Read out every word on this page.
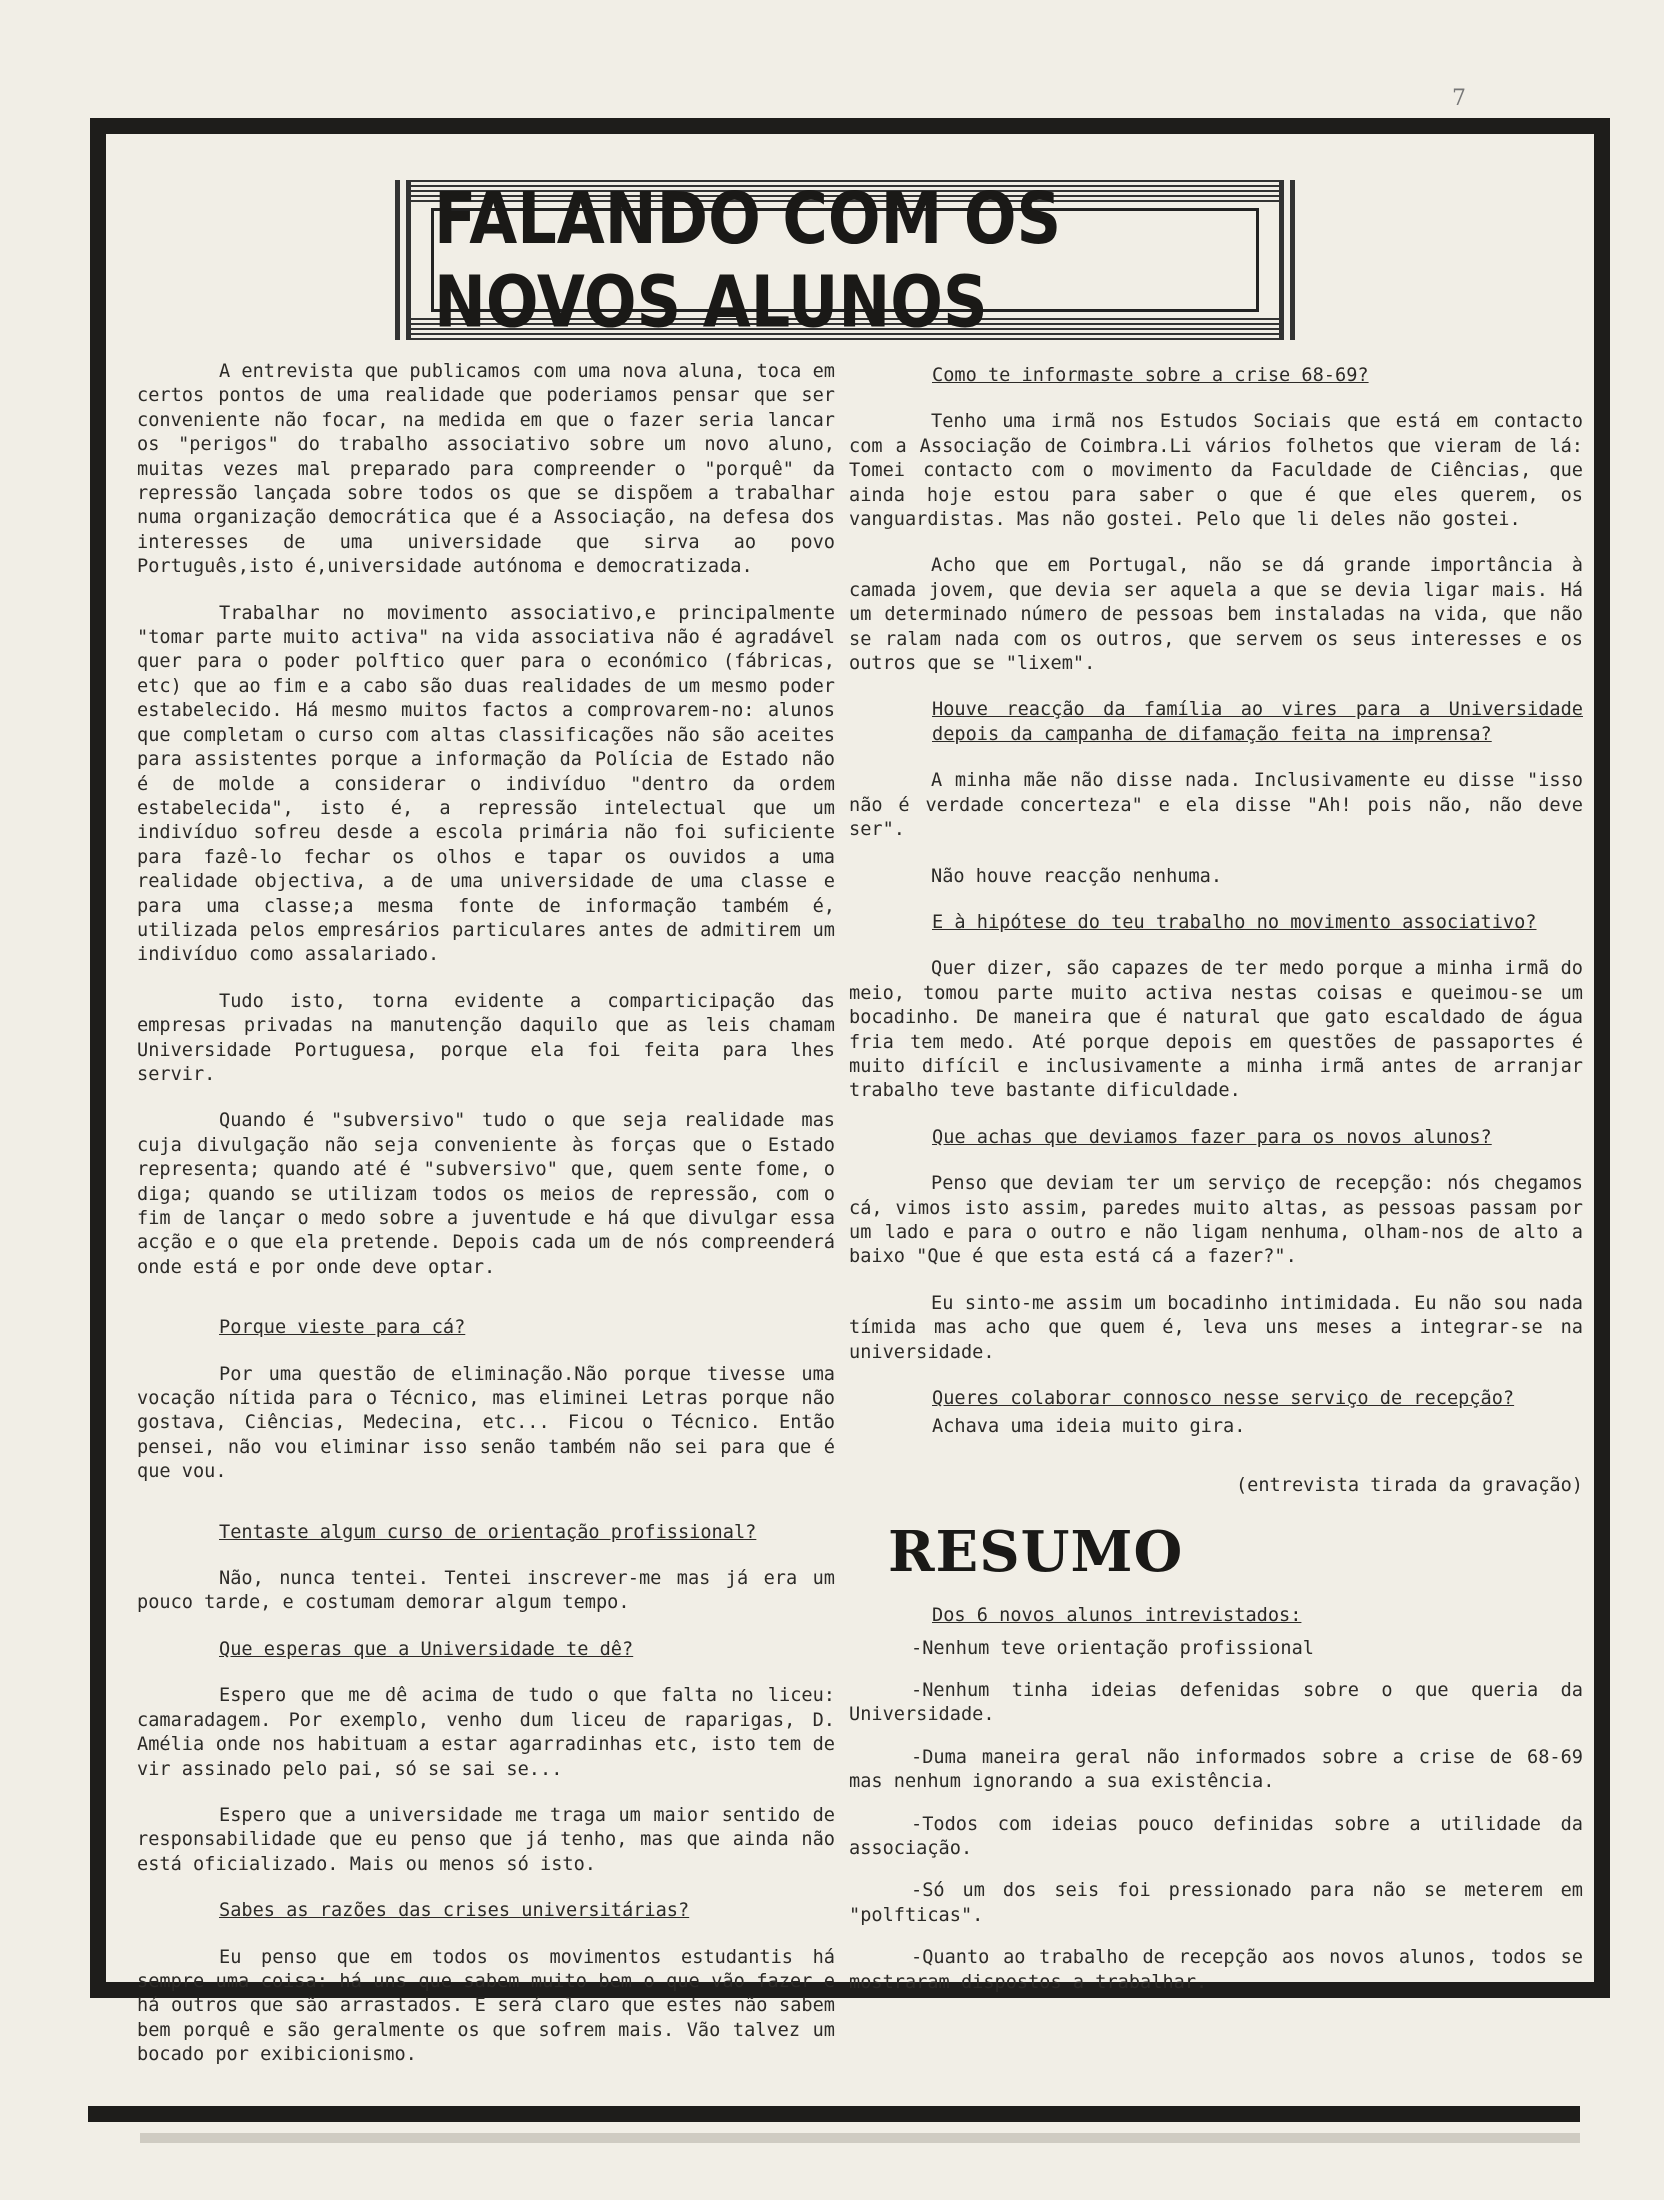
7
FALANDO COM OS NOVOS ALUNOS

A entrevista que publicamos com uma nova aluna, toca em certos pontos de uma realidade que poderiamos pensar que ser conveniente não focar, na medida em que o fazer seria lancar os "perigos" do trabalho associativo sobre um novo aluno, muitas vezes mal preparado para compreender o "porquê" da repressão lançada sobre todos os que se dispõem a trabalhar numa organização democrática que é a Associação, na defesa dos interesses de uma universidade que sirva ao povo Português,isto é,universidade autónoma e democratizada.

Trabalhar no movimento associativo,e principalmente "tomar parte muito activa" na vida associativa não é agradável quer para o poder polftico quer para o económico (fábricas, etc) que ao fim e a cabo são duas realidades de um mesmo poder estabelecido. Há mesmo muitos factos a comprovarem-no: alunos que completam o curso com altas classificações não são aceites para assistentes porque a informação da Polícia de Estado não é de molde a considerar o indivíduo "dentro da ordem estabelecida", isto é, a repressão intelectual que um indivíduo sofreu desde a escola primária não foi suficiente para fazê-lo fechar os olhos e tapar os ouvidos a uma realidade objectiva, a de uma universidade de uma classe e para uma classe;a mesma fonte de informação também é, utilizada pelos empresários particulares antes de admitirem um indivíduo como assalariado.

Tudo isto, torna evidente a comparticipação das empresas privadas na manutenção daquilo que as leis chamam Universidade Portuguesa, porque ela foi feita para lhes servir.

Quando é "subversivo" tudo o que seja realidade mas cuja divulgação não seja conveniente às forças que o Estado representa; quando até é "subversivo" que, quem sente fome, o diga; quando se utilizam todos os meios de repressão, com o fim de lançar o medo sobre a juventude e há que divulgar essa acção e o que ela pretende. Depois cada um de nós compreenderá onde está e por onde deve optar.

Porque vieste para cá?

Por uma questão de eliminação.Não porque tivesse uma vocação nítida para o Técnico, mas eliminei Letras porque não gostava, Ciências, Medecina, etc... Ficou o Técnico. Então pensei, não vou eliminar isso senão também não sei para que é que vou.

Tentaste algum curso de orientação profissional?

Não, nunca tentei. Tentei inscrever-me mas já era um pouco tarde, e costumam demorar algum tempo.

Que esperas que a Universidade te dê?

Espero que me dê acima de tudo o que falta no liceu: camaradagem. Por exemplo, venho dum liceu de raparigas, D. Amélia onde nos habituam a estar agarradinhas etc, isto tem de vir assinado pelo pai, só se sai se...

Espero que a universidade me traga um maior sentido de responsabilidade que eu penso que já tenho, mas que ainda não está oficializado. Mais ou menos só isto.

Sabes as razões das crises universitárias?

Eu penso que em todos os movimentos estudantis há sempre uma coisa: há uns que sabem muito bem o que vão fazer e há outros que são arrastados. E será claro que estes não sabem bem porquê e são geralmente os que sofrem mais. Vão talvez um bocado por exibicionismo.

Como te informaste sobre a crise 68-69?

Tenho uma irmã nos Estudos Sociais que está em contacto com a Associação de Coimbra.Li vários folhetos que vieram de lá: Tomei contacto com o movimento da Faculdade de Ciências, que ainda hoje estou para saber o que é que eles querem, os vanguardistas. Mas não gostei. Pelo que li deles não gostei.

Acho que em Portugal, não se dá grande importância à camada jovem, que devia ser aquela a que se devia ligar mais. Há um determinado número de pessoas bem instaladas na vida, que não se ralam nada com os outros, que servem os seus interesses e os outros que se "lixem".

Houve reacção da família ao vires para a Universidade depois da campanha de difamação feita na imprensa?

A minha mãe não disse nada. Inclusivamente eu disse "isso não é verdade concerteza" e ela disse "Ah! pois não, não deve ser".

Não houve reacção nenhuma.

E à hipótese do teu trabalho no movimento associativo?

Quer dizer, são capazes de ter medo porque a minha irmã do meio, tomou parte muito activa nestas coisas e queimou-se um bocadinho. De maneira que é natural que gato escaldado de água fria tem medo. Até porque depois em questões de passaportes é muito difícil e inclusivamente a minha irmã antes de arranjar trabalho teve bastante dificuldade.

Que achas que deviamos fazer para os novos alunos?

Penso que deviam ter um serviço de recepção: nós chegamos cá, vimos isto assim, paredes muito altas, as pessoas passam por um lado e para o outro e não ligam nenhuma, olham-nos de alto a baixo "Que é que esta está cá a fazer?".

Eu sinto-me assim um bocadinho intimidada. Eu não sou nada tímida mas acho que quem é, leva uns meses a integrar-se na universidade.

Queres colaborar connosco nesse serviço de recepção?

Achava uma ideia muito gira.

(entrevista tirada da gravação)

RESUMO

Dos 6 novos alunos intrevistados:

-Nenhum teve orientação profissional

-Nenhum tinha ideias defenidas sobre o que queria da Universidade.

-Duma maneira geral não informados sobre a crise de 68-69 mas nenhum ignorando a sua existência.

-Todos com ideias pouco definidas sobre a utilidade da associação.

-Só um dos seis foi pressionado para não se meterem em "polfticas".

-Quanto ao trabalho de recepção aos novos alunos, todos se mostraram dispostos a trabalhar.
